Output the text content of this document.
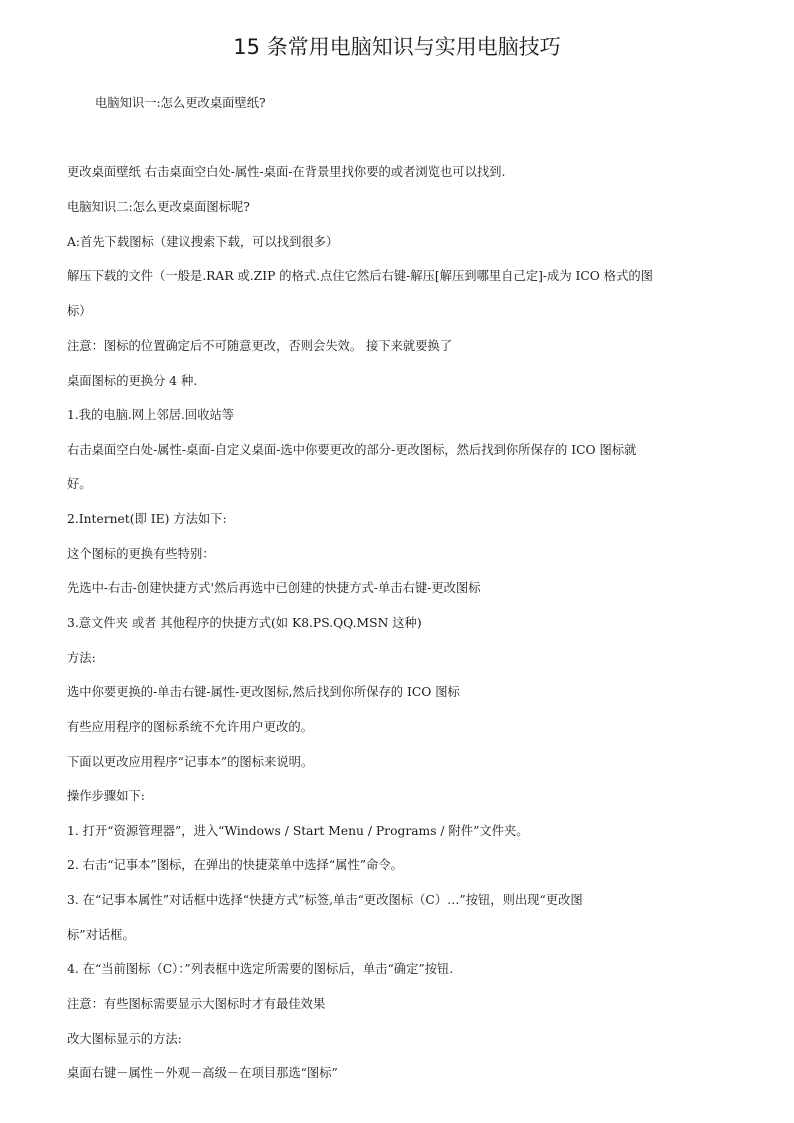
15 条常用电脑知识与实用电脑技巧
电脑知识一:怎么更改桌面壁纸?
更改桌面壁纸 右击桌面空白处-属性-桌面-在背景里找你要的或者浏览也可以找到.
电脑知识二:怎么更改桌面图标呢?
A:首先下载图标（建议搜索下载，可以找到很多）
解压下载的文件（一般是.RAR 或.ZIP 的格式.点住它然后右键-解压[解压到哪里自己定]-成为 ICO 格式的图
标）
注意：图标的位置确定后不可随意更改，否则会失效。 接下来就要换了
桌面图标的更换分 4 种.
1.我的电脑.网上邻居.回收站等
右击桌面空白处-属性-桌面-自定义桌面-选中你要更改的部分-更改图标，然后找到你所保存的 ICO 图标就
好。
2.Internet(即 IE) 方法如下:
这个图标的更换有些特别：
先选中-右击-创建快捷方式'然后再选中已创建的快捷方式-单击右键-更改图标
3.意文件夹 或者 其他程序的快捷方式(如 K8.PS.QQ.MSN 这种)
方法:
选中你要更换的-单击右键-属性-更改图标,然后找到你所保存的 ICO 图标
有些应用程序的图标系统不允许用户更改的。
下面以更改应用程序“记事本”的图标来说明。
操作步骤如下:
1. 打开“资源管理器”，进入“Windows / Start Menu / Programs / 附件”文件夹。
2. 右击“记事本”图标，在弹出的快捷菜单中选择“属性”命令。
3. 在“记事本属性”对话框中选择“快捷方式”标签,单击“更改图标（C）…”按钮，则出现“更改图
标”对话框。
4. 在“当前图标（C）：”列表框中选定所需要的图标后，单击“确定”按钮.
注意：有些图标需要显示大图标时才有最佳效果
改大图标显示的方法:
桌面右键－属性－外观－高级－在项目那选“图标”
